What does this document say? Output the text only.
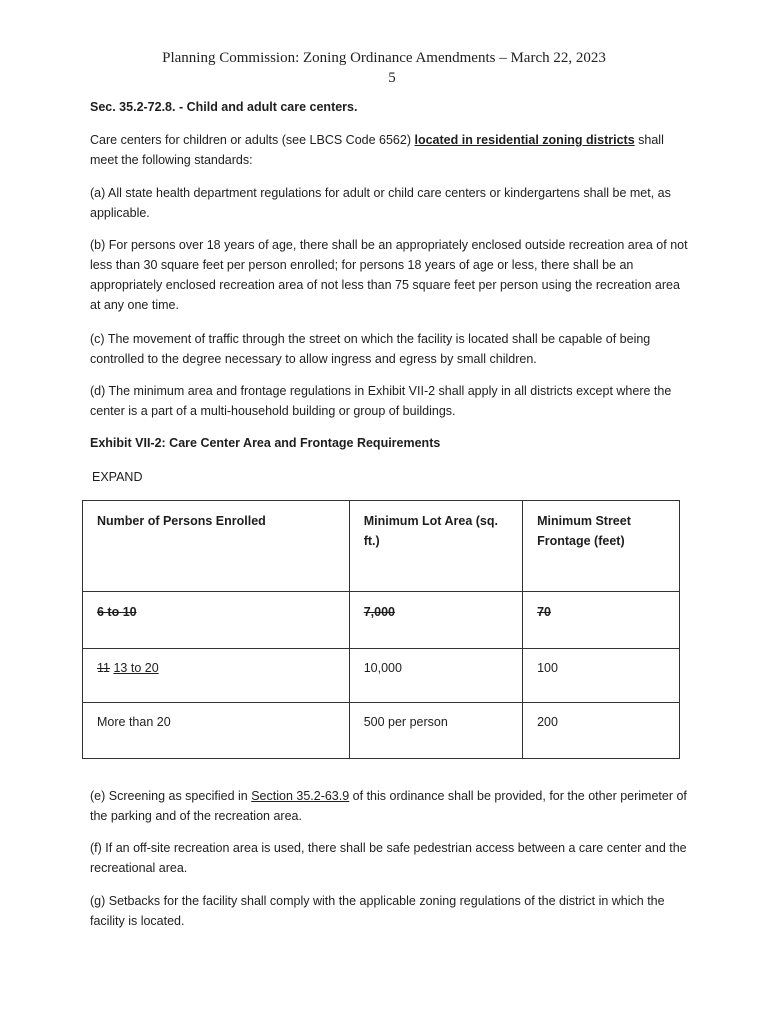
Planning Commission: Zoning Ordinance Amendments – March 22, 2023
5
Sec. 35.2-72.8. - Child and adult care centers.
Care centers for children or adults (see LBCS Code 6562) located in residential zoning districts shall meet the following standards:
(a) All state health department regulations for adult or child care centers or kindergartens shall be met, as applicable.
(b) For persons over 18 years of age, there shall be an appropriately enclosed outside recreation area of not less than 30 square feet per person enrolled; for persons 18 years of age or less, there shall be an appropriately enclosed recreation area of not less than 75 square feet per person using the recreation area at any one time.
(c) The movement of traffic through the street on which the facility is located shall be capable of being controlled to the degree necessary to allow ingress and egress by small children.
(d) The minimum area and frontage regulations in Exhibit VII-2 shall apply in all districts except where the center is a part of a multi-household building or group of buildings.
Exhibit VII-2: Care Center Area and Frontage Requirements
EXPAND
Number of Persons Enrolled	Minimum Lot Area (sq. ft.)	Minimum Street Frontage (feet)
6 to 10	7,000	70
11 13 to 20	10,000	100
More than 20	500 per person	200
(e) Screening as specified in Section 35.2-63.9 of this ordinance shall be provided, for the other perimeter of the parking and of the recreation area.
(f) If an off-site recreation area is used, there shall be safe pedestrian access between a care center and the recreational area.
(g) Setbacks for the facility shall comply with the applicable zoning regulations of the district in which the facility is located.
